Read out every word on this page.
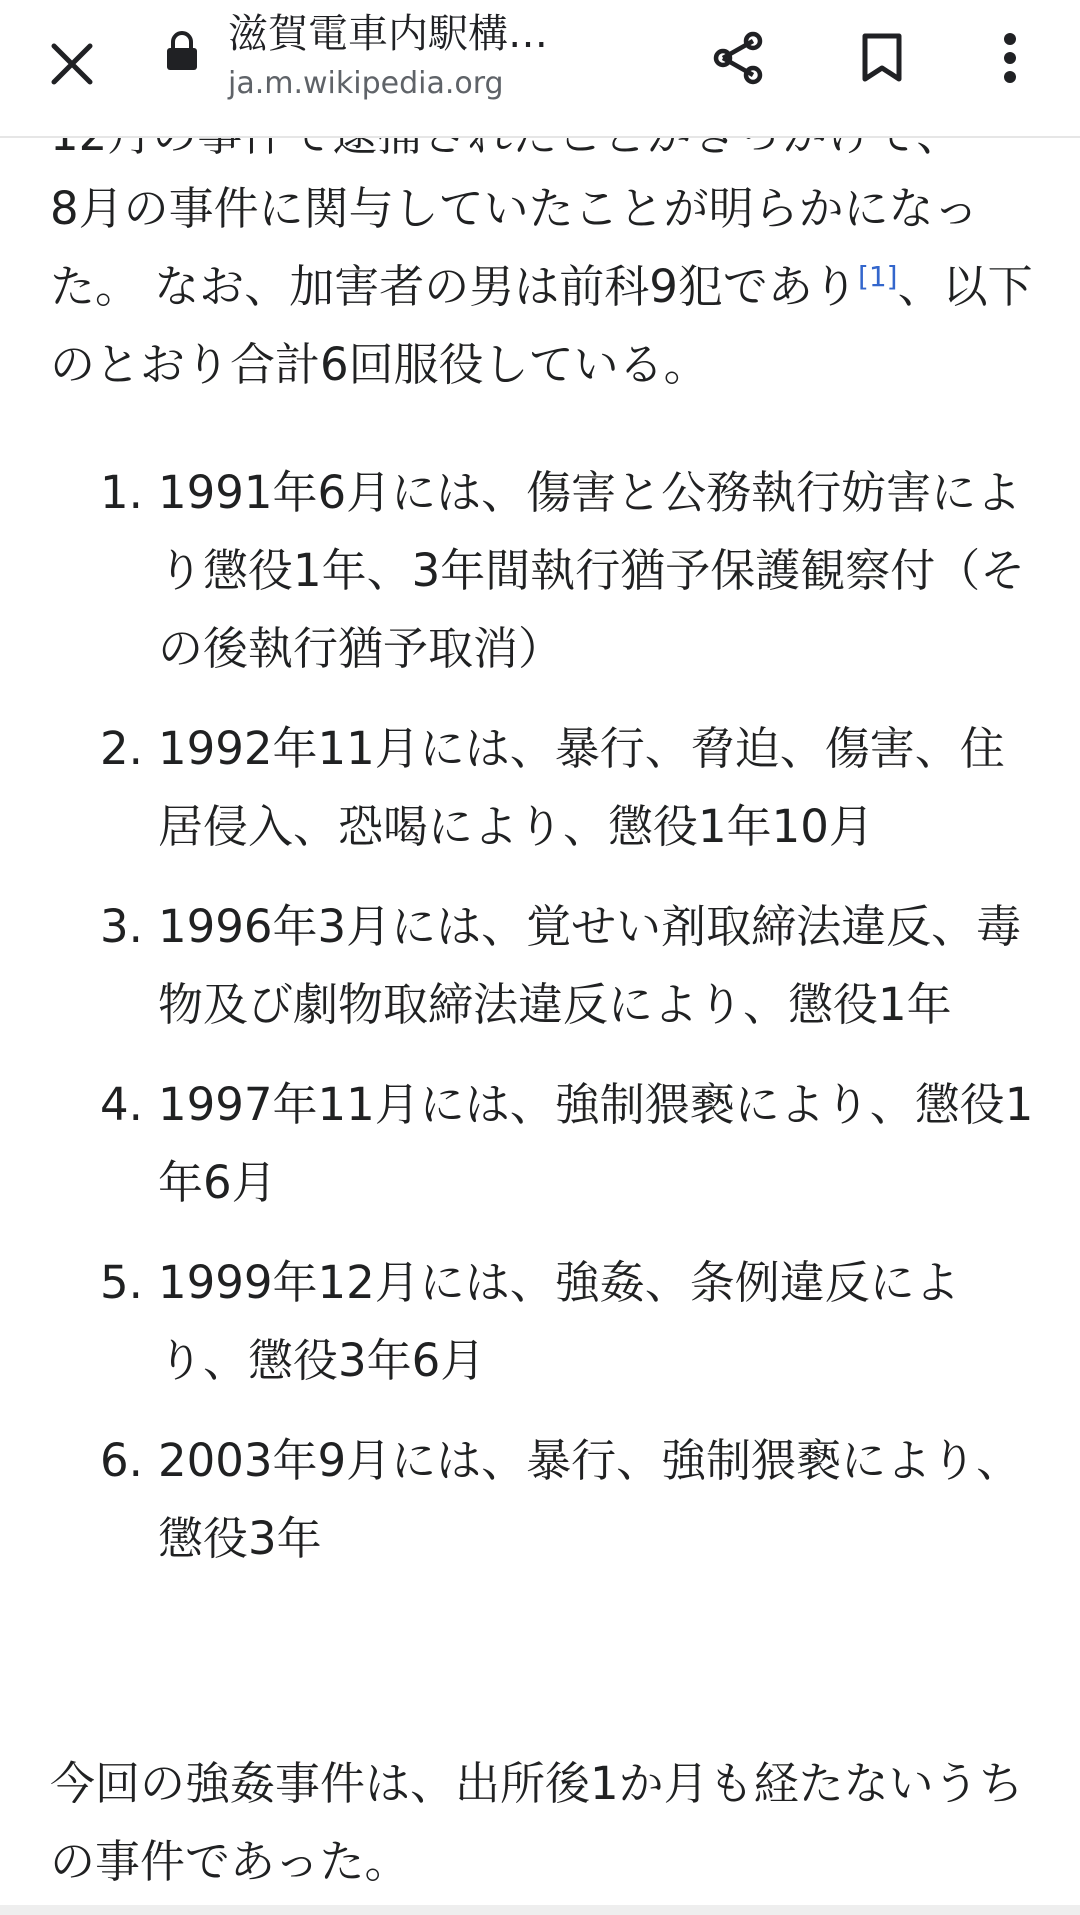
8月の事件に関与していたことが明らかになった。 なお、加害者の男は前科9犯であり[1]、以下のとおり合計6回服役している。

1. 1991年6月には、傷害と公務執行妨害により懲役1年、3年間執行猶予保護観察付（その後執行猶予取消）
2. 1992年11月には、暴行、脅迫、傷害、住居侵入、恐喝により、懲役1年10月
3. 1996年3月には、覚せい剤取締法違反、毒物及び劇物取締法違反により、懲役1年
4. 1997年11月には、強制猥褻により、懲役1年6月
5. 1999年12月には、強姦、条例違反により、懲役3年6月
6. 2003年9月には、暴行、強制猥褻により、懲役3年

今回の強姦事件は、出所後1か月も経たないうちの事件であった。

滋賀電車内駅構…
ja.m.wikipedia.org
